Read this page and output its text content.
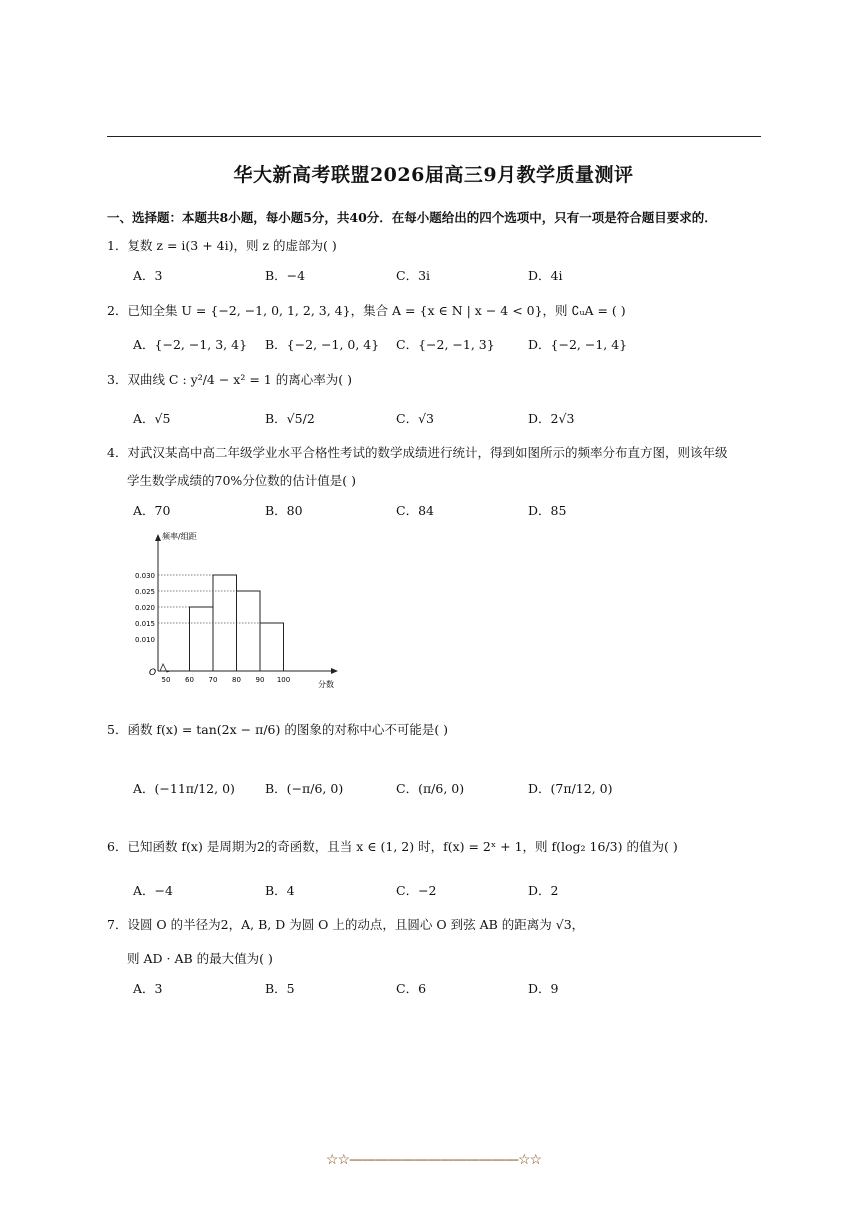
华大新高考联盟2026届高三9月教学质量测评
一、选择题：本题共8小题，每小题5分，共40分．在每小题给出的四个选项中，只有一项是符合题目要求的．
1．复数 z = i(3 + 4i)，则 z 的虚部为( )
A．3	B．−4	C．3i	D．4i
2．已知全集 U = {−2, −1, 0, 1, 2, 3, 4}，集合 A = {x ∈ N | x − 4 < 0}，则 ∁ᵤA = ( )
A．{−2, −1, 3, 4} B．{−2, −1, 0, 4} C．{−2, −1, 3}	D．{−2, −1, 4}
3．双曲线 C : y²/4 − x² = 1 的离心率为( )
A．√5	B．√5/2	C．√3	D．2√3
4．对武汉某高中高二年级学业水平合格性考试的数学成绩进行统计，得到如图所示的频率分布直方图，则该年级
学生数学成绩的70%分位数的估计值是( )
A．70	B．80	C．84	D．85
频率/组距
分数
O
0.030
0.025
0.020
0.015
0.010
50 60 70 80 90 100
5．函数 f(x) = tan(2x − π/6) 的图象的对称中心不可能是( )
A．(−11π/12, 0) B．(−π/6, 0)	C．(π/6, 0)	D．(7π/12, 0)
6．已知函数 f(x) 是周期为2的奇函数，且当 x ∈ (1, 2) 时，f(x) = 2ˣ + 1，则 f(log₂ 16/3) 的值为( )
A．−4	B．4	C．−2	D．2
7．设圆 O 的半径为2，A, B, D 为圆 O 上的动点，且圆心 O 到弦 AB 的距离为 √3，
则 AD · AB 的最大值为( )
A．3	B．5	C．6	D．9
☆☆—————————————☆☆
